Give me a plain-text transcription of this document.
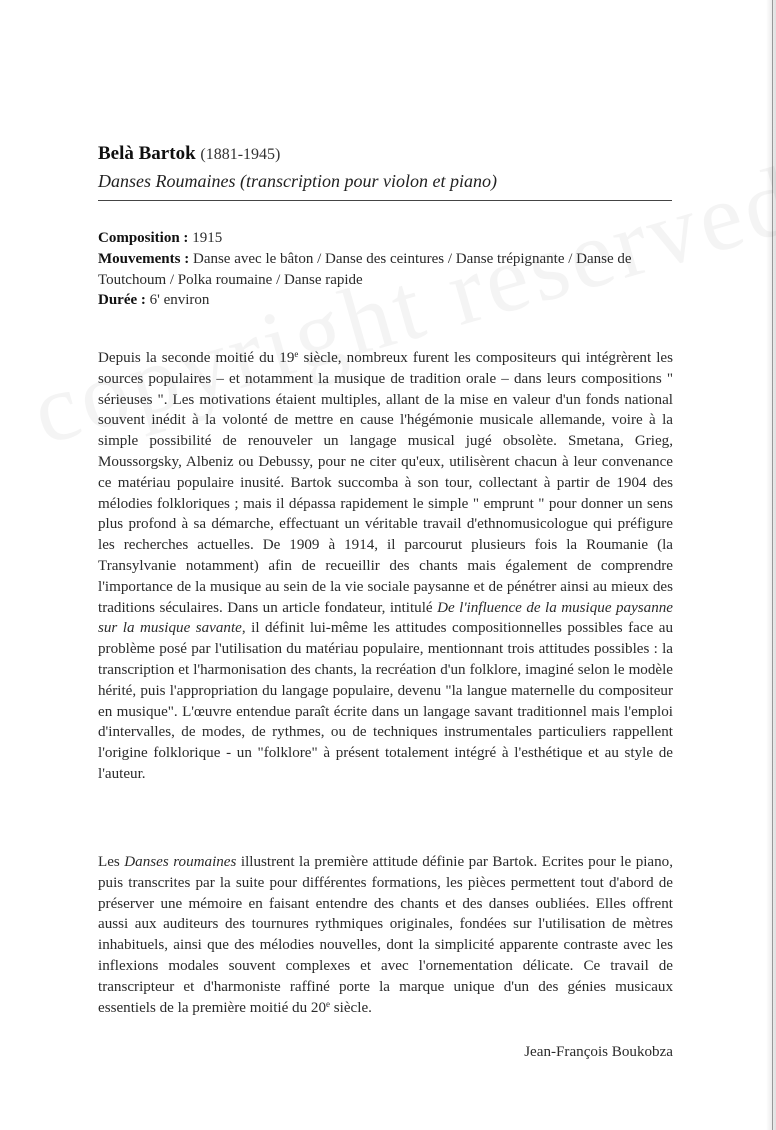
Belà Bartok (1881-1945)
Danses Roumaines (transcription pour violon et piano)
Composition : 1915
Mouvements : Danse avec le bâton / Danse des ceintures / Danse trépignante / Danse de Toutchoum / Polka roumaine / Danse rapide
Durée : 6' environ

Depuis la seconde moitié du 19e siècle, nombreux furent les compositeurs qui intégrèrent les sources populaires – et notamment la musique de tradition orale – dans leurs compositions " sérieuses ". Les motivations étaient multiples, allant de la mise en valeur d'un fonds national souvent inédit à la volonté de mettre en cause l'hégémonie musicale allemande, voire à la simple possibilité de renouveler un langage musical jugé obsolète. Smetana, Grieg, Moussorgsky, Albeniz ou Debussy, pour ne citer qu'eux, utilisèrent chacun à leur convenance ce matériau populaire inusité. Bartok succomba à son tour, collectant à partir de 1904 des mélodies folkloriques ; mais il dépassa rapidement le simple " emprunt " pour donner un sens plus profond à sa démarche, effectuant un véritable travail d'ethnomusicologue qui préfigure les recherches actuelles. De 1909 à 1914, il parcourut plusieurs fois la Roumanie (la Transylvanie notamment) afin de recueillir des chants mais également de comprendre l'importance de la musique au sein de la vie sociale paysanne et de pénétrer ainsi au mieux des traditions séculaires. Dans un article fondateur, intitulé De l'influence de la musique paysanne sur la musique savante, il définit lui-même les attitudes compositionnelles possibles face au problème posé par l'utilisation du matériau populaire, mentionnant trois attitudes possibles : la transcription et l'harmonisation des chants, la recréation d'un folklore, imaginé selon le modèle hérité, puis l'appropriation du langage populaire, devenu "la langue maternelle du compositeur en musique". L'œuvre entendue paraît écrite dans un langage savant traditionnel mais l'emploi d'intervalles, de modes, de rythmes, ou de techniques instrumentales particuliers rappellent l'origine folklorique - un "folklore" à présent totalement intégré à l'esthétique et au style de l'auteur.

Les Danses roumaines illustrent la première attitude définie par Bartok. Ecrites pour le piano, puis transcrites par la suite pour différentes formations, les pièces permettent tout d'abord de préserver une mémoire en faisant entendre des chants et des danses oubliées. Elles offrent aussi aux auditeurs des tournures rythmiques originales, fondées sur l'utilisation de mètres inhabituels, ainsi que des mélodies nouvelles, dont la simplicité apparente contraste avec les inflexions modales souvent complexes et avec l'ornementation délicate. Ce travail de transcripteur et d'harmoniste raffiné porte la marque unique d'un des génies musicaux essentiels de la première moitié du 20e siècle.

Jean-François Boukobza
